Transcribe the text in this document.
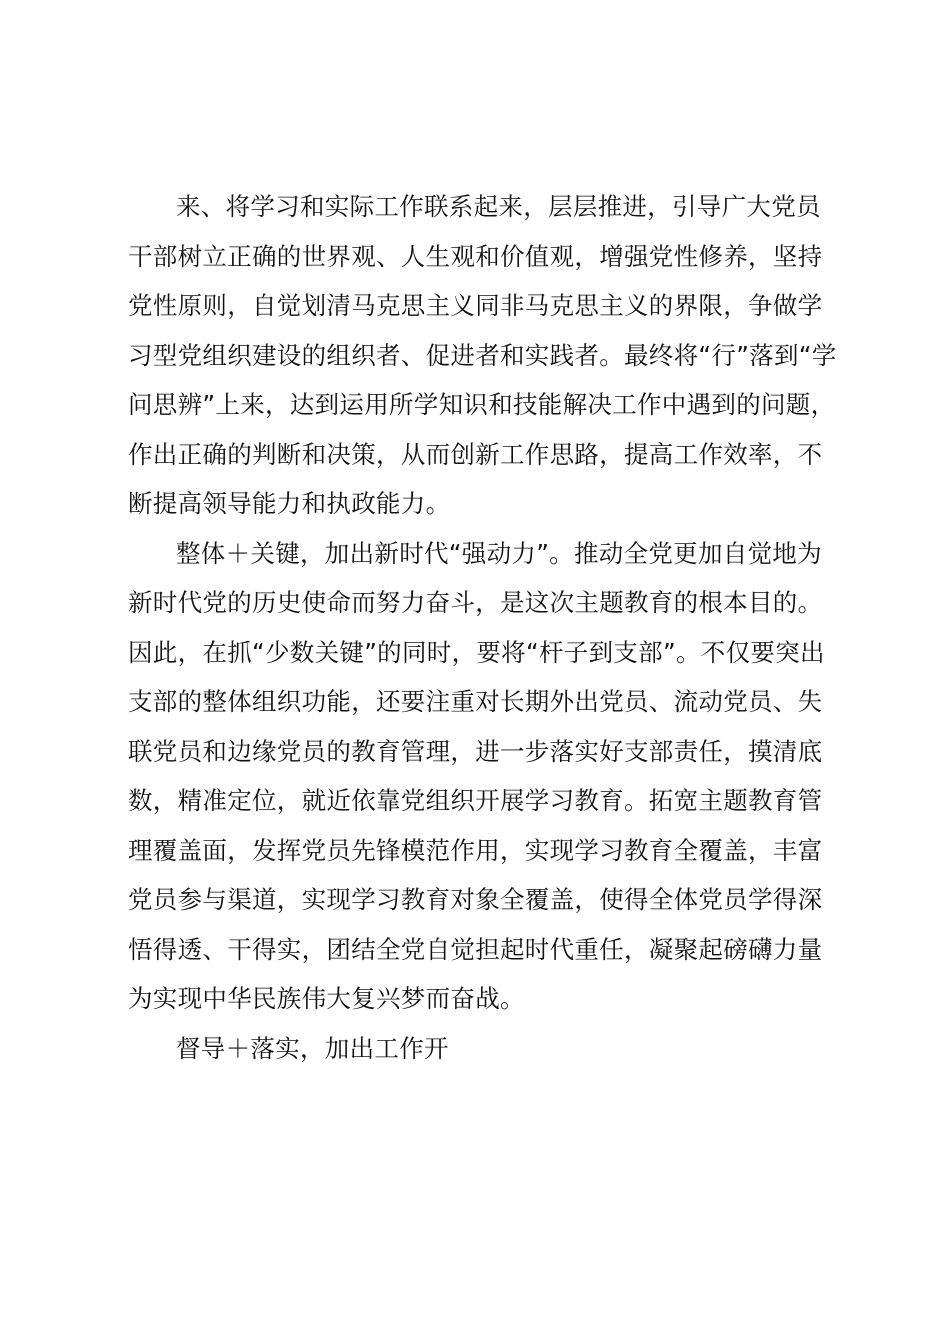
来、将学习和实际工作联系起来，层层推进，引导广大党员
干部树立正确的世界观、人生观和价值观，增强党性修养，坚持
党性原则，自觉划清马克思主义同非马克思主义的界限，争做学
习型党组织建设的组织者、促进者和实践者。最终将“行”落到“学
问思辨”上来，达到运用所学知识和技能解决工作中遇到的问题，
作出正确的判断和决策，从而创新工作思路，提高工作效率，不
断提高领导能力和执政能力。
整体＋关键，加出新时代“强动力”。推动全党更加自觉地为
新时代党的历史使命而努力奋斗，是这次主题教育的根本目的。
因此，在抓“少数关键”的同时，要将“杆子到支部”。不仅要突出
支部的整体组织功能，还要注重对长期外出党员、流动党员、失
联党员和边缘党员的教育管理，进一步落实好支部责任，摸清底
数，精准定位，就近依靠党组织开展学习教育。拓宽主题教育管
理覆盖面，发挥党员先锋模范作用，实现学习教育全覆盖，丰富
党员参与渠道，实现学习教育对象全覆盖，使得全体党员学得深
悟得透、干得实，团结全党自觉担起时代重任，凝聚起磅礴力量
为实现中华民族伟大复兴梦而奋战。
督导＋落实，加出工作开
